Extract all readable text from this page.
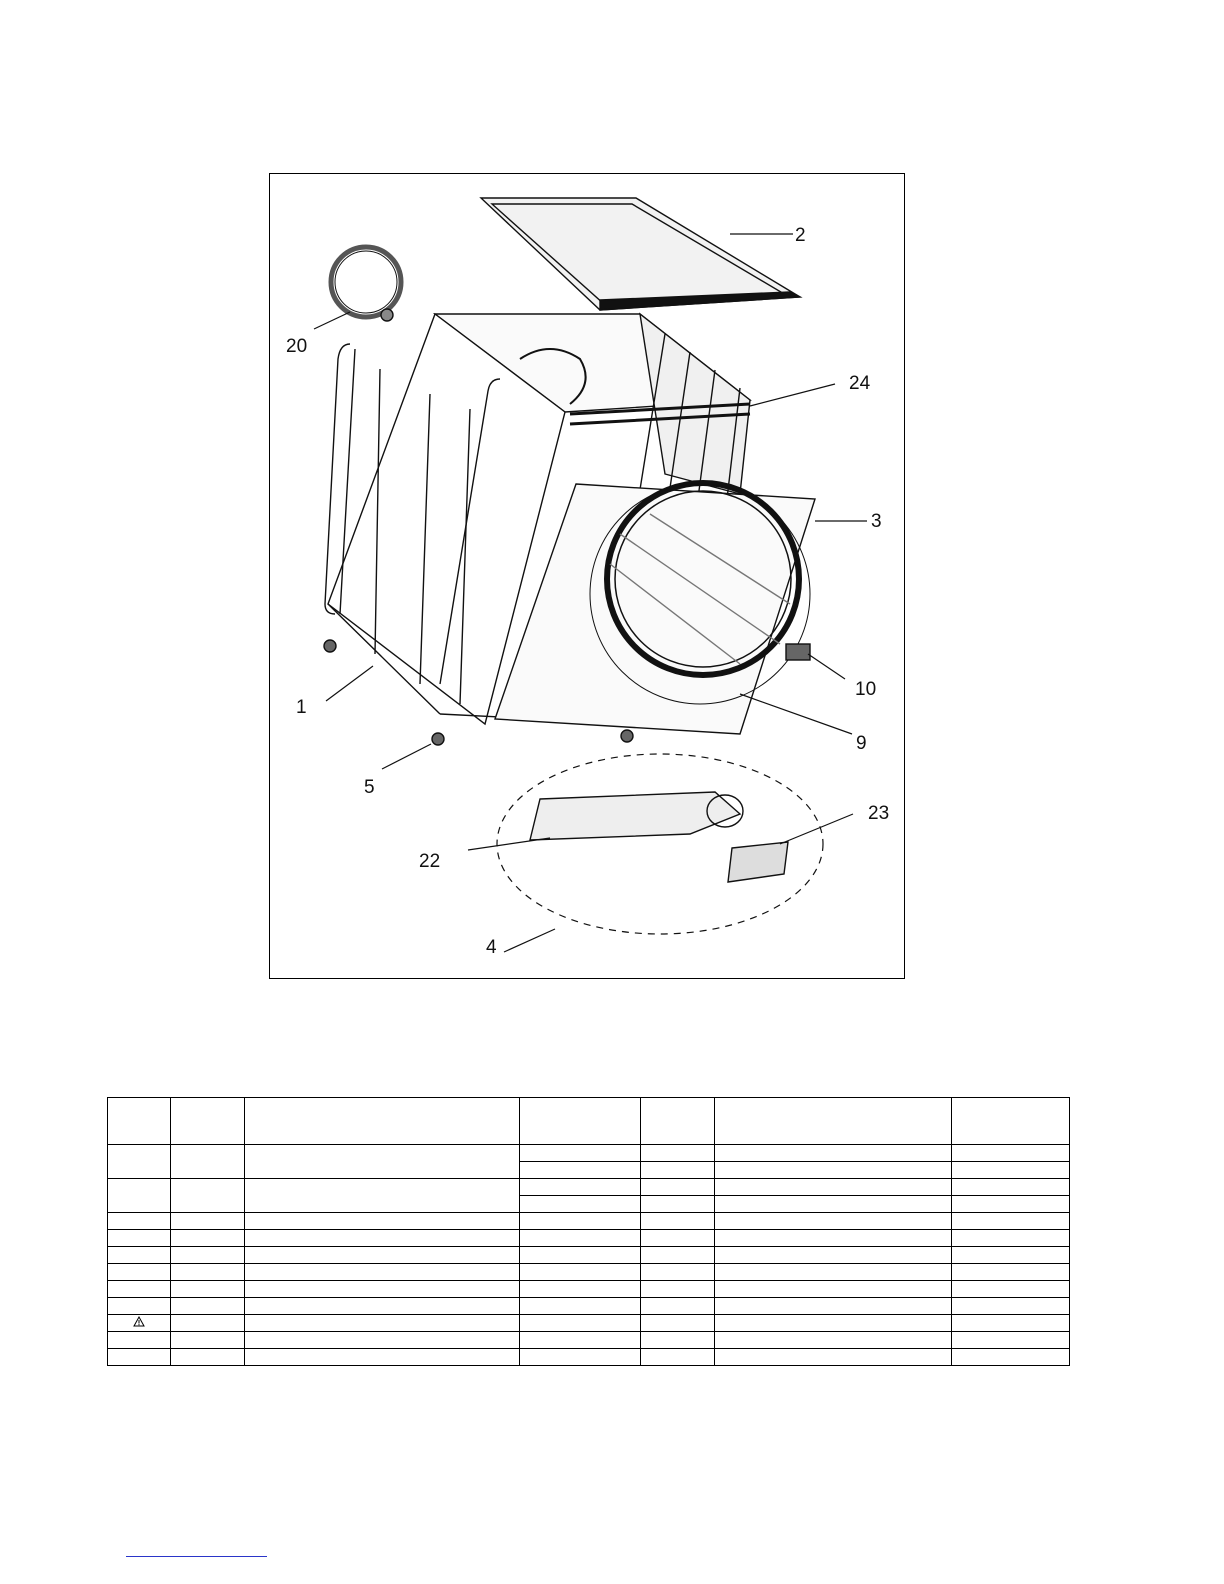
2
20
24
3
1
10
9
5
23
22
4
